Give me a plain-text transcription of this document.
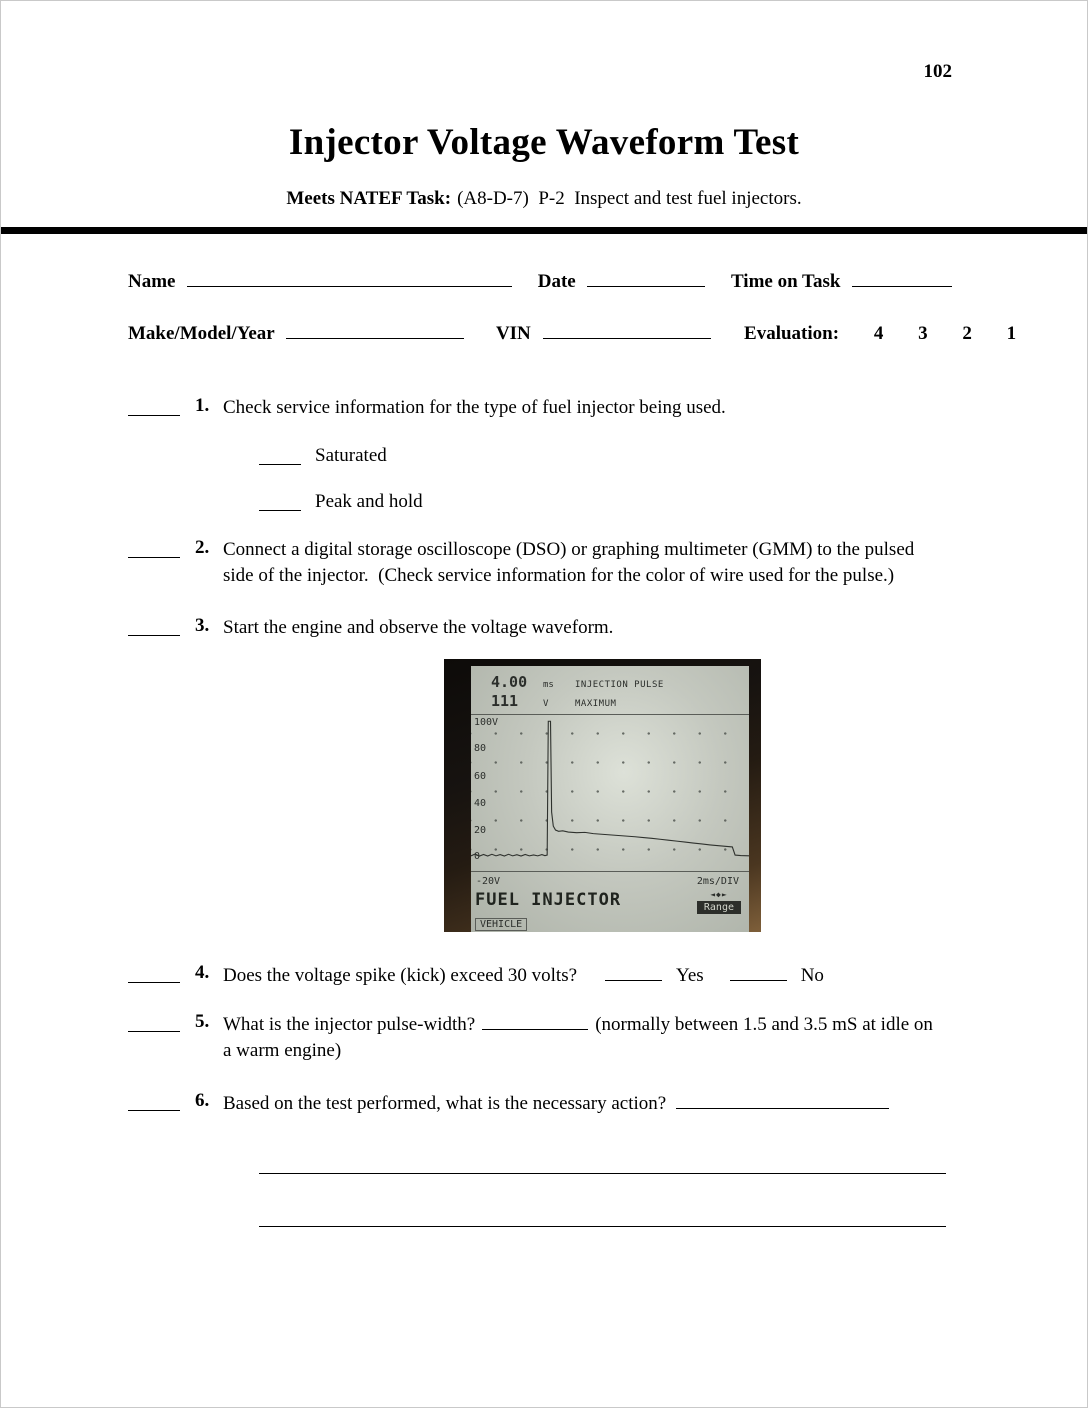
102
Injector Voltage Waveform Test
Meets NATEF Task: (A8-D-7)  P-2  Inspect and test fuel injectors.
Name	Date	Time on Task
Make/Model/Year	VIN	Evaluation: 4 3 2 1
1. Check service information for the type of fuel injector being used.
Saturated
Peak and hold
2. Connect a digital storage oscilloscope (DSO) or graphing multimeter (GMM) to the pulsed side of the injector.  (Check service information for the color of wire used for the pulse.)
3. Start the engine and observe the voltage waveform.
4.00	ms	INJECTION PULSE
111	V	MAXIMUM
100V
80
60
40
20
0
-20V	2ms/DIV
FUEL INJECTOR
VEHICLE
◄◆►
Range
4. Does the voltage spike (kick) exceed 30 volts?	Yes	No
5. What is the injector pulse-width?	(normally between 1.5 and 3.5 mS at idle on a warm engine)
6. Based on the test performed, what is the necessary action?
